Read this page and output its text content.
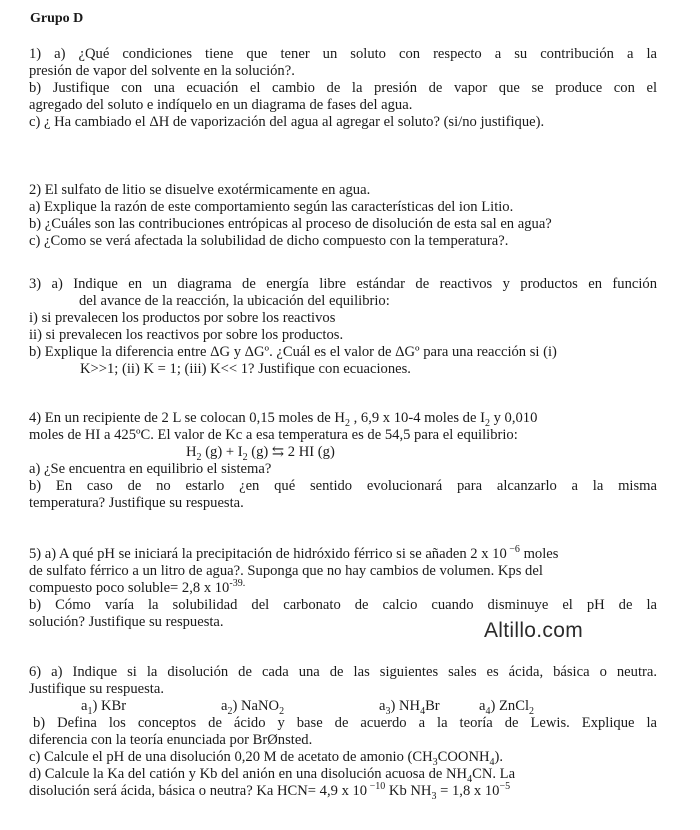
Grupo D

1) a) ¿Qué condiciones tiene que tener un soluto con respecto a su contribución a la

presión de vapor del solvente en la solución?.

b) Justifique con una ecuación el cambio de la presión de vapor que se produce con el

agregado del soluto e indíquelo en un diagrama de fases del agua.

c) ¿ Ha cambiado el ΔH de vaporización del agua al agregar el soluto? (si/no justifique).

2) El sulfato de litio se disuelve exotérmicamente en agua.

a) Explique la razón de este comportamiento según las características del ion Litio.

b) ¿Cuáles son las contribuciones entrópicas al proceso de disolución de esta sal en agua?

c) ¿Como se verá afectada la solubilidad de dicho compuesto con la temperatura?.

3) a) Indique en un diagrama de energía libre estándar de reactivos y productos en función

del avance de la reacción, la ubicación del equilibrio:

i) si prevalecen los productos por sobre los reactivos

ii) si prevalecen los reactivos por sobre los productos.

b) Explique la diferencia entre ΔG y ΔGº. ¿Cuál es el valor de ΔGº para una reacción si (i)

K>>1; (ii) K = 1; (iii) K<< 1? Justifique con ecuaciones.

4) En un recipiente de 2 L se colocan 0,15 moles de $H_2$ , 6,9 x 10-4 moles de $I_2$ y 0,010

moles de HI a 425ºC. El valor de Kc a esa temperatura es de 54,5 para el equilibrio:

$H_2$ $(g) + I_2$ (g) ⇆ 2 HI (g)

a) ¿Se encuentra en equilibrio el sistema?

b) En caso de no estarlo ¿en qué sentido evolucionará para alcanzarlo a la misma

temperatura? Justifique su respuesta.

5) a) A qué pH se iniciará la precipitación de hidróxido férrico si se añaden 2 x 10 $^{-6}$ moles

de sulfato férrico a un litro de agua?. Suponga que no hay cambios de volumen. Kps del

compuesto poco soluble= 2,8 x $10^{-39.}$

b) Cómo varía la solubilidad del carbonato de calcio cuando disminuye el pH de la

solución? Justifique su respuesta.	Altillo.com

6) a) Indique si la disolución de cada una de las siguientes sales es ácida, básica o neutra.

Justifique su respuesta.

$a_1$) KBr	$a_2$) NaNO$_2$	$a_3$) $NH_4Br$	$a_4$) ZnCl$_2$

b) Defina los conceptos de ácido y base de acuerdo a la teoría de Lewis. Explique la

diferencia con la teoría enunciada por BrØnsted.

c) Calcule el pH de una disolución 0,20 M de acetato de amonio $(CH_3COONH_4)$.

d) Calcule la Ka del catión y Kb del anión en una disolución acuosa de $NH_4CN$. La

disolución será ácida, básica o neutra? Ka HCN= 4,9 x 10 $^{-10}$ Kb $NH_3 = 1,8$ x $10^{-5}$
